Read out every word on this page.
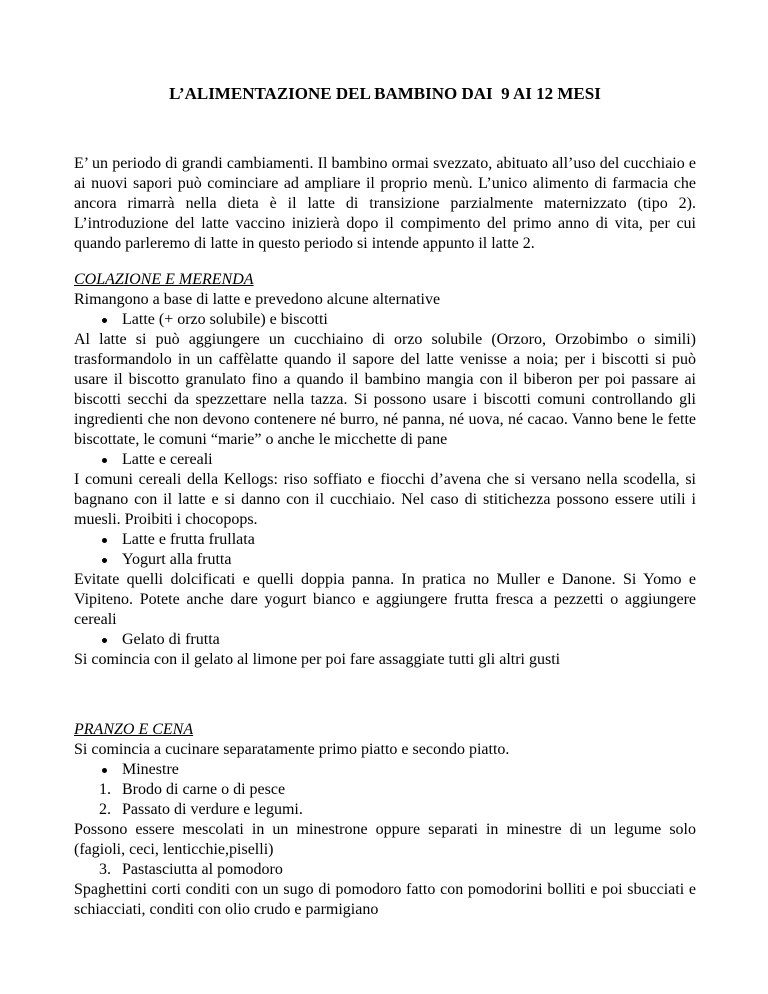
L’ALIMENTAZIONE DEL BAMBINO DAI  9 AI 12 MESI

E’ un periodo di grandi cambiamenti. Il bambino ormai svezzato, abituato all’uso del cucchiaio e ai nuovi sapori può cominciare ad ampliare il proprio menù. L’unico alimento di farmacia che ancora rimarrà nella dieta è il latte di transizione parzialmente maternizzato (tipo 2). L’introduzione del latte vaccino inizierà dopo il compimento del primo anno di vita, per cui quando parleremo di latte in questo periodo si intende appunto il latte 2.

COLAZIONE E MERENDA

Rimangono a base di latte e prevedono alcune alternative

Latte (+ orzo solubile) e biscotti

Al latte si può aggiungere un cucchiaino di orzo solubile (Orzoro, Orzobimbo o simili) trasformandolo in un caffèlatte quando il sapore del latte venisse a noia; per i biscotti si può usare il biscotto granulato fino a quando il bambino mangia con il biberon per poi passare ai biscotti secchi da spezzettare nella tazza. Si possono usare i biscotti comuni controllando gli ingredienti che non devono contenere né burro, né panna, né uova, né cacao. Vanno bene le fette biscottate, le comuni “marie” o anche le micchette di pane

Latte e cereali

I comuni cereali della Kellogs: riso soffiato e fiocchi d’avena che si versano nella scodella, si bagnano con il latte e si danno con il cucchiaio. Nel caso di stitichezza possono essere utili i muesli. Proibiti i chocopops.

Latte e frutta frullata

Yogurt alla frutta

Evitate quelli dolcificati e quelli doppia panna. In pratica no Muller e Danone. Si Yomo e Vipiteno. Potete anche dare yogurt bianco e aggiungere frutta fresca a pezzetti o aggiungere cereali

Gelato di frutta

Si comincia con il gelato al limone per poi fare assaggiate tutti gli altri gusti

PRANZO E CENA

Si comincia a cucinare separatamente primo piatto e secondo piatto.

Minestre

1. Brodo di carne o di pesce

2. Passato di verdure e legumi.

Possono essere mescolati in un minestrone oppure separati in minestre di un legume solo (fagioli, ceci, lenticchie,piselli)

3. Pastasciutta al pomodoro

Spaghettini corti conditi con un sugo di pomodoro fatto con pomodorini bolliti e poi sbucciati e schiacciati, conditi con olio crudo e parmigiano
